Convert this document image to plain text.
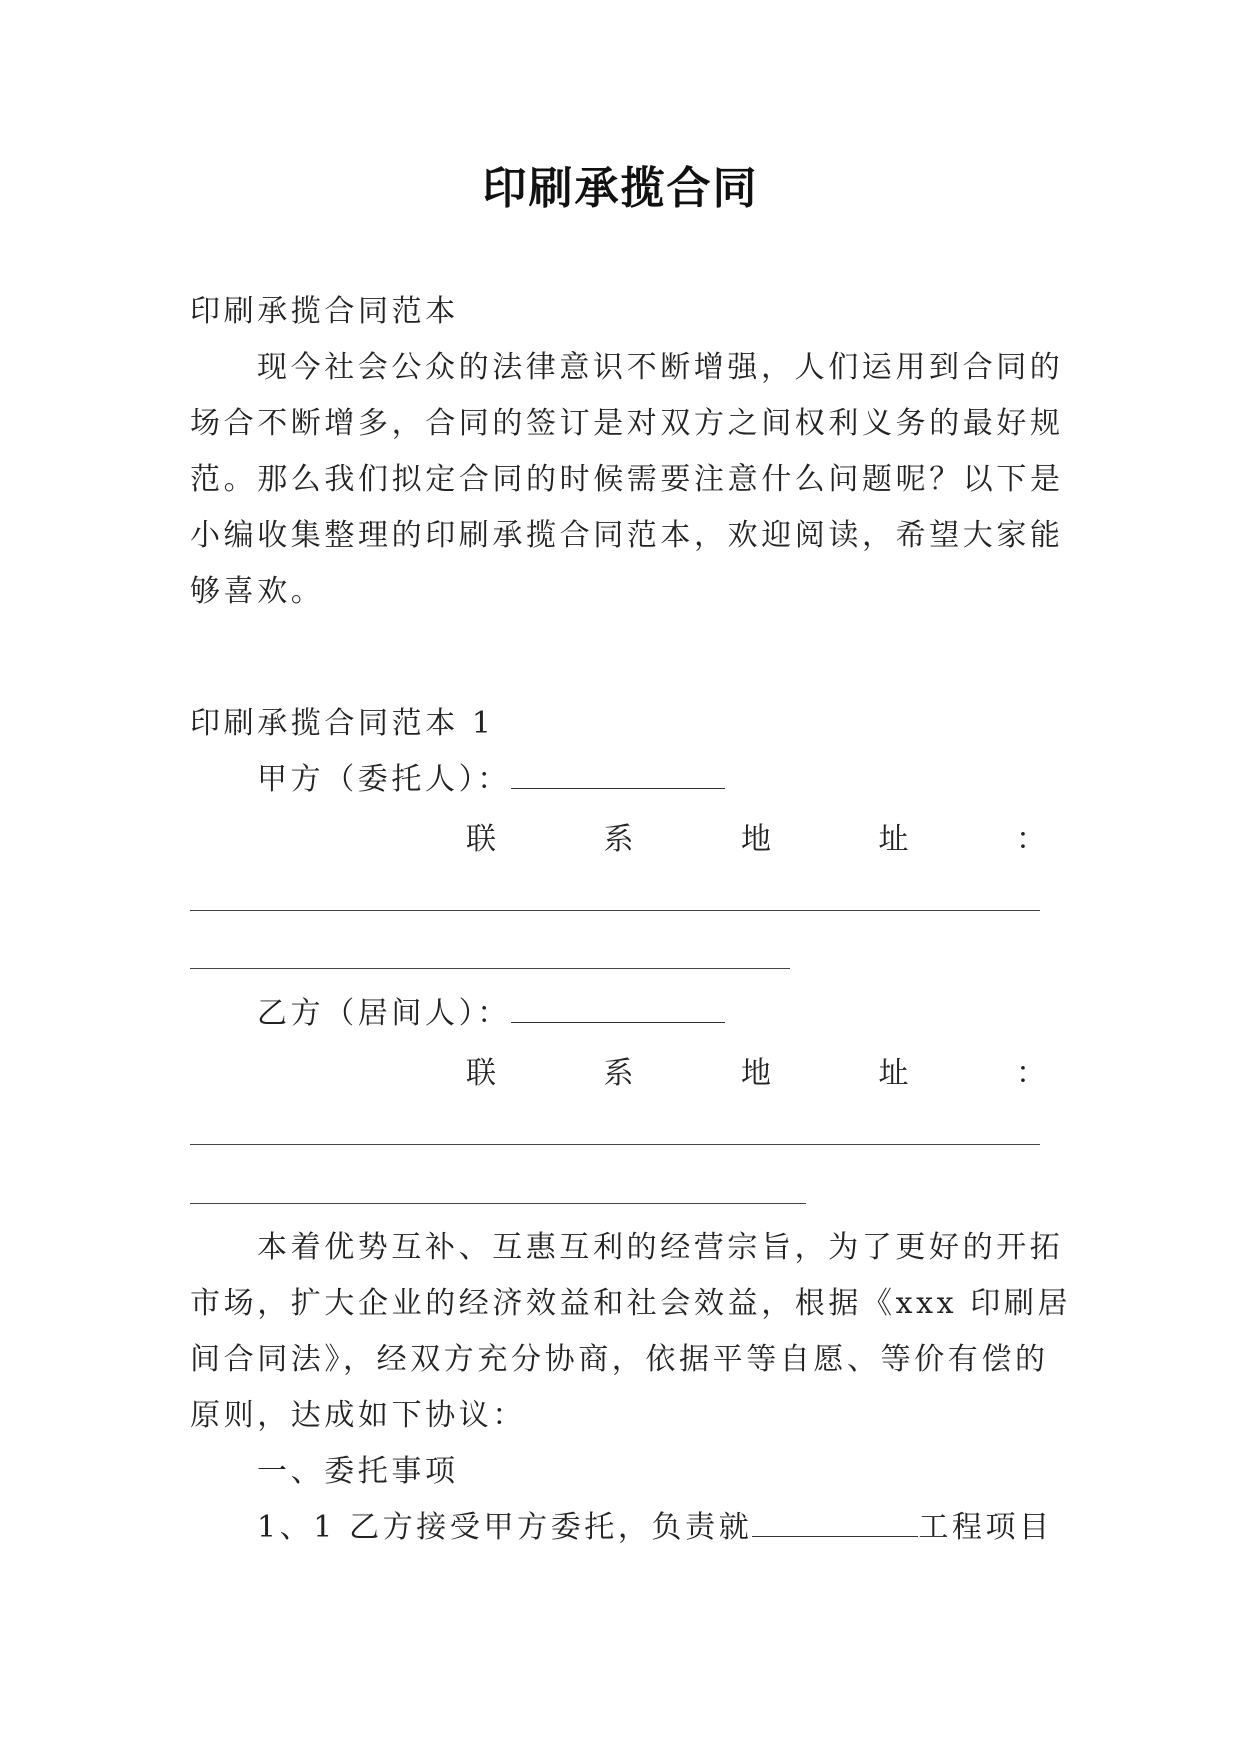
印刷承揽合同
印刷承揽合同范本
现今社会公众的法律意识不断增强，人们运用到合同的
场合不断增多，合同的签订是对双方之间权利义务的最好规
范。那么我们拟定合同的时候需要注意什么问题呢？以下是
小编收集整理的印刷承揽合同范本，欢迎阅读，希望大家能
够喜欢。
印刷承揽合同范本 1
甲方（委托人）：
联	系	地	址	：
乙方（居间人）：
联	系	地	址	：
本着优势互补、互惠互利的经营宗旨，为了更好的开拓
市场，扩大企业的经济效益和社会效益，根据《xxx 印刷居
间合同法》，经双方充分协商，依据平等自愿、等价有偿的
原则，达成如下协议：
一、委托事项
1、1 乙方接受甲方委托，负责就	工程项目
